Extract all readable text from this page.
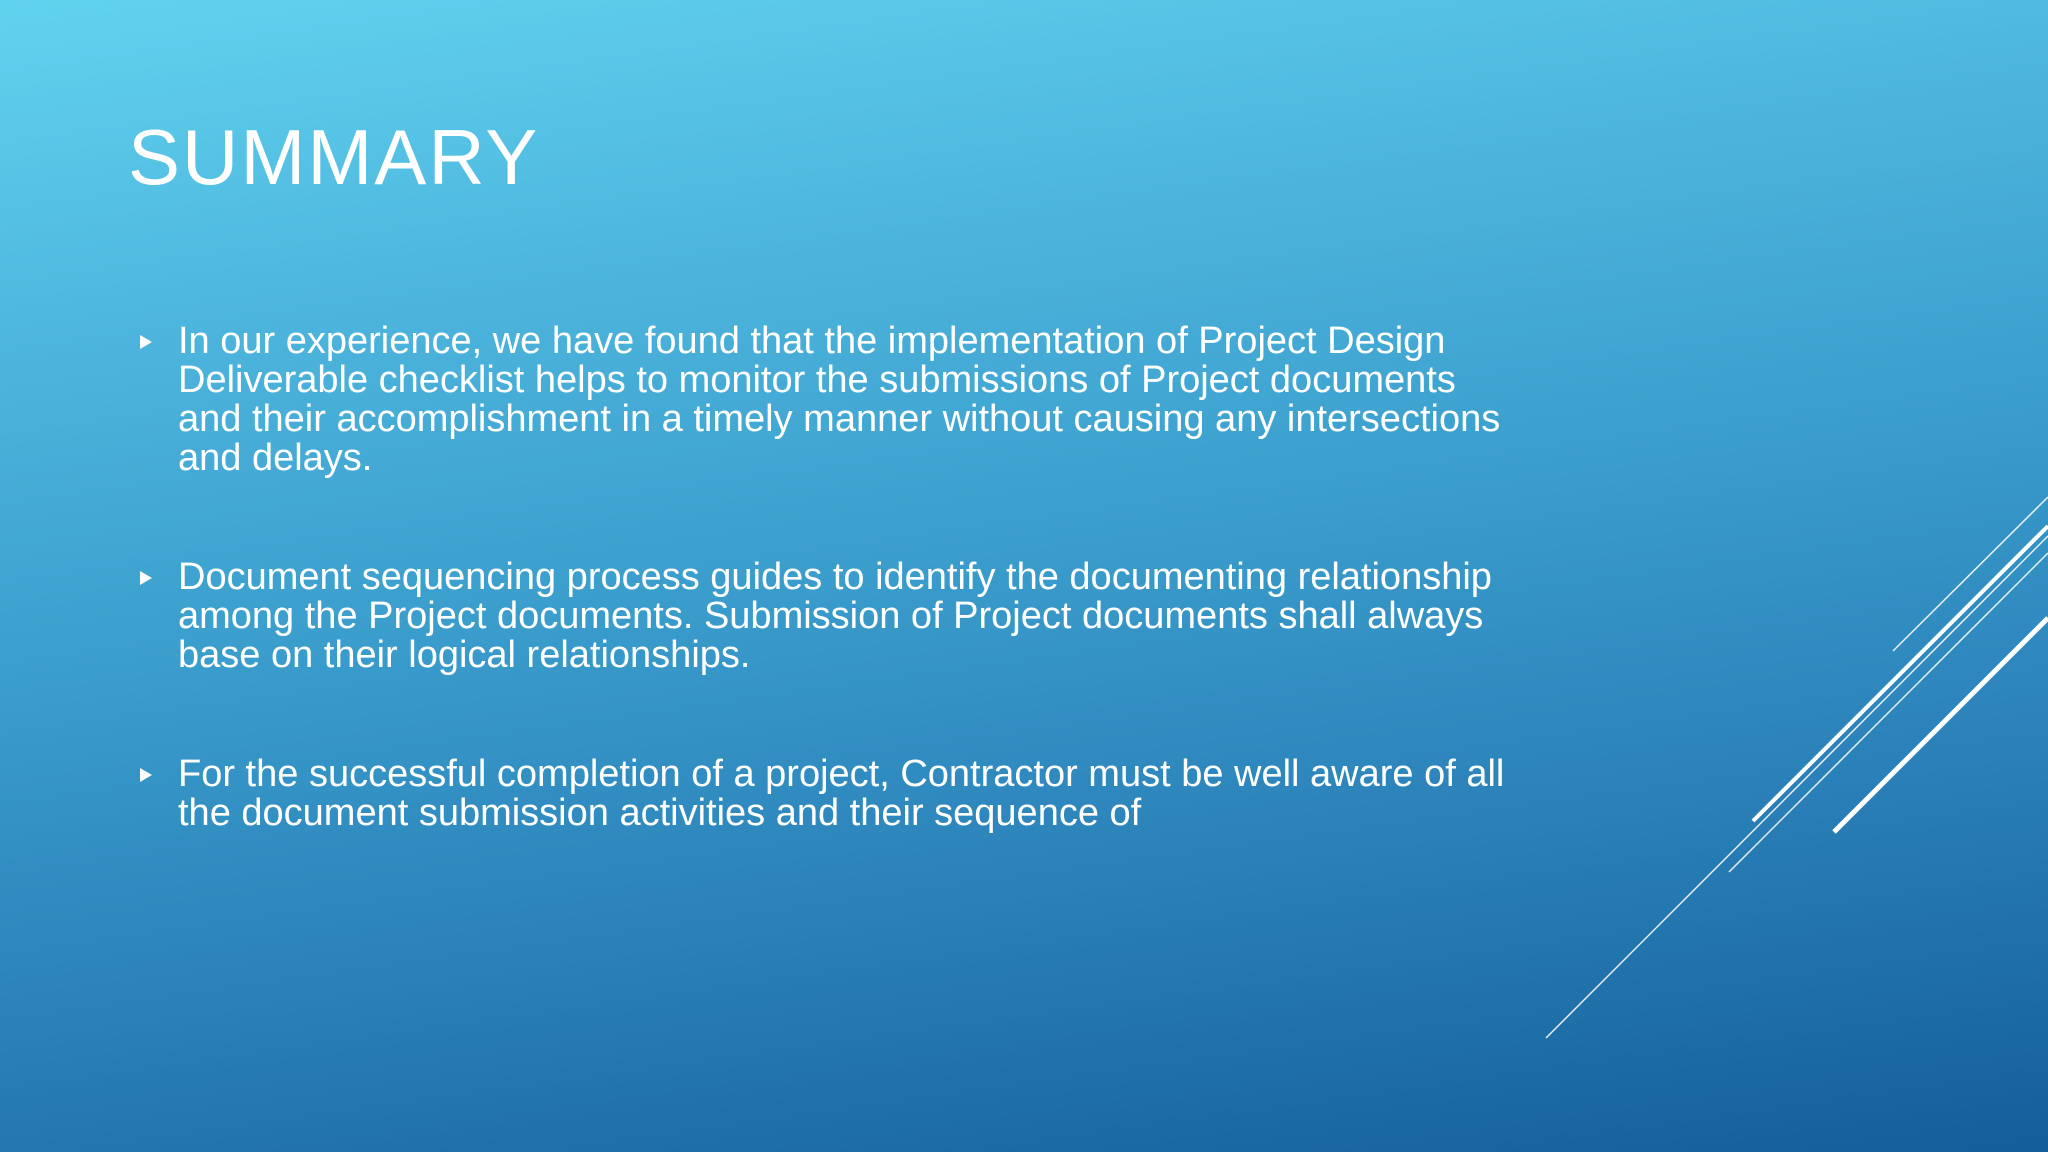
SUMMARY
In our experience, we have found that the implementation of Project Design Deliverable checklist helps to monitor the submissions of Project documents and their accomplishment in a timely manner without causing any intersections and delays.
Document sequencing process guides to identify the documenting relationship among the Project documents. Submission of Project documents shall always base on their logical relationships.
For the successful completion of a project, Contractor must be well aware of all the document submission activities and their sequence of
